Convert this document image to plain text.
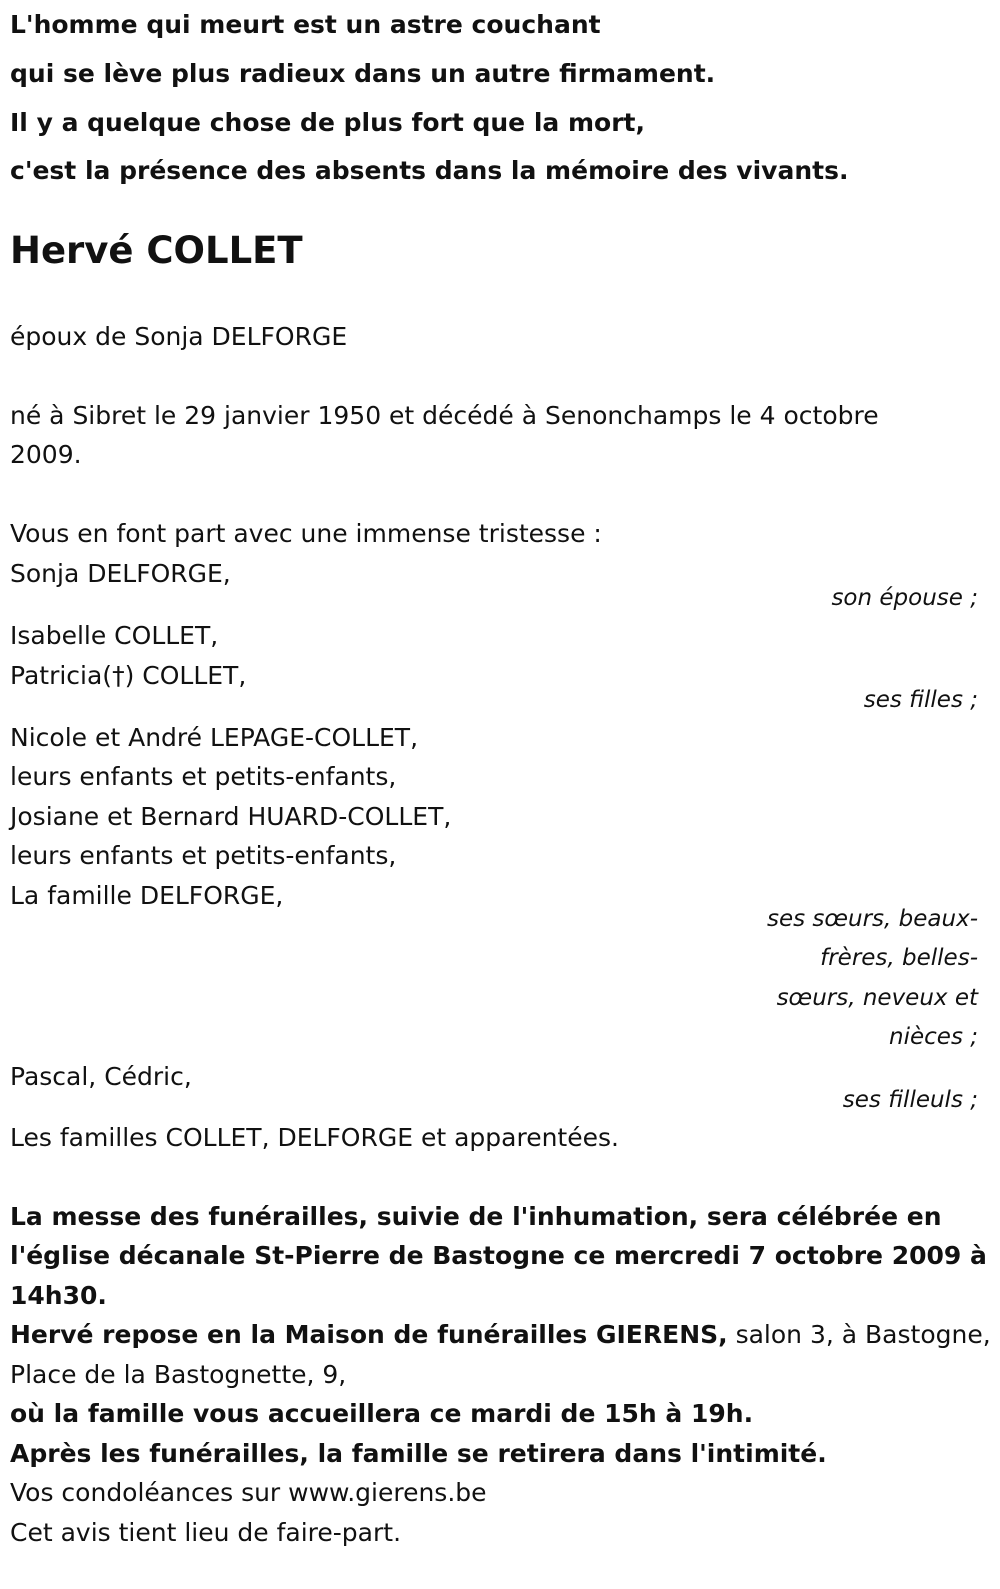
L'homme qui meurt est un astre couchant
qui se lève plus radieux dans un autre firmament.
Il y a quelque chose de plus fort que la mort,
c'est la présence des absents dans la mémoire des vivants.
Hervé COLLET
époux de Sonja DELFORGE
né à Sibret le 29 janvier 1950 et décédé à Senonchamps le 4 octobre
2009.
Vous en font part avec une immense tristesse :
Sonja DELFORGE,
son épouse ;
Isabelle COLLET,
Patricia(†) COLLET,
ses filles ;
Nicole et André LEPAGE-COLLET,
leurs enfants et petits-enfants,
Josiane et Bernard HUARD-COLLET,
leurs enfants et petits-enfants,
La famille DELFORGE,
ses sœurs, beaux-
frères, belles-
sœurs, neveux et
nièces ;
Pascal, Cédric,
ses filleuls ;
Les familles COLLET, DELFORGE et apparentées.
La messe des funérailles, suivie de l'inhumation, sera célébrée en
l'église décanale St-Pierre de Bastogne ce mercredi 7 octobre 2009 à
14h30.
Hervé repose en la Maison de funérailles GIERENS, salon 3, à Bastogne,
Place de la Bastognette, 9,
où la famille vous accueillera ce mardi de 15h à 19h.
Après les funérailles, la famille se retirera dans l'intimité.
Vos condoléances sur www.gierens.be
Cet avis tient lieu de faire-part.
